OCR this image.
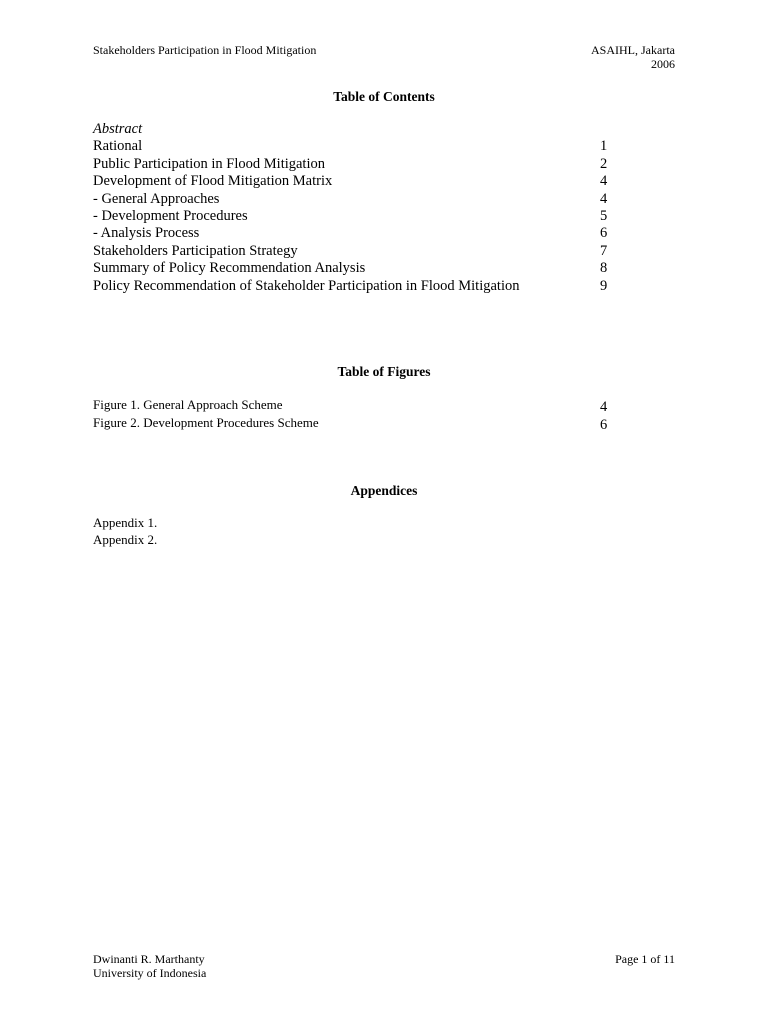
Stakeholders Participation in Flood Mitigation	ASAIHL, Jakarta
2006
Table of Contents
Abstract
Rational	1
Public Participation in Flood Mitigation	2
Development of Flood Mitigation Matrix	4
- General Approaches	4
- Development Procedures	5
- Analysis Process	6
Stakeholders Participation Strategy	7
Summary of Policy Recommendation Analysis	8
Policy Recommendation of Stakeholder Participation in Flood Mitigation	9
Table of Figures
Figure 1. General Approach Scheme	4
Figure 2. Development Procedures Scheme	6
Appendices
Appendix 1.
Appendix 2.
Dwinanti R. Marthanty
University of Indonesia
Page 1 of 11
